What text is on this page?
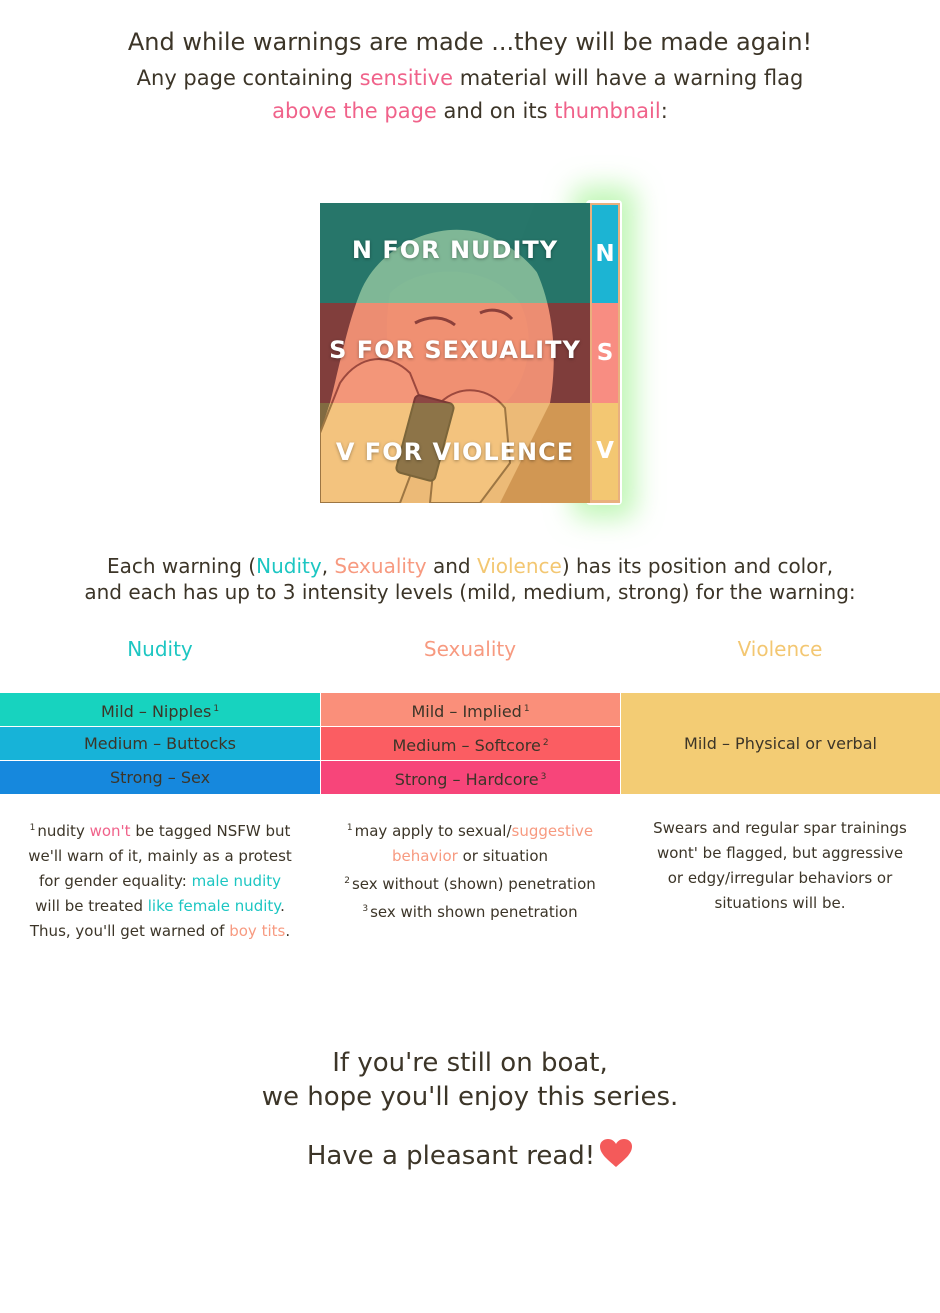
And while warnings are made ...they will be made again!
Any page containing sensitive material will have a warning flag
above the page and on its thumbnail:
N FOR NUDITY
S FOR SEXUALITY
V FOR VIOLENCE
N
S
V
Each warning (Nudity, Sexuality and Violence) has its position and color,
and each has up to 3 intensity levels (mild, medium, strong) for the warning:
Nudity	Sexuality	Violence
Mild – Nipples $^1$
Medium – Buttocks
Strong – Sex
Mild – Implied $^1$
Medium – Softcore $^2$
Strong – Hardcore $^3$
Mild – Physical or verbal

$^1$ nudity won't be tagged NSFW but

we'll warn of it, mainly as a protest

for gender equality: male nudity

will be treated like female nudity.

Thus, you'll get warned of boy tits.

$^1$ may apply to sexual/suggestive

behavior or situation

$^2$ sex without (shown) penetration

$^3$ sex with shown penetration

Swears and regular spar trainings

wont' be flagged, but aggressive

or edgy/irregular behaviors or

situations will be.

If you're still on boat,
we hope you'll enjoy this series.
Have a pleasant read!
